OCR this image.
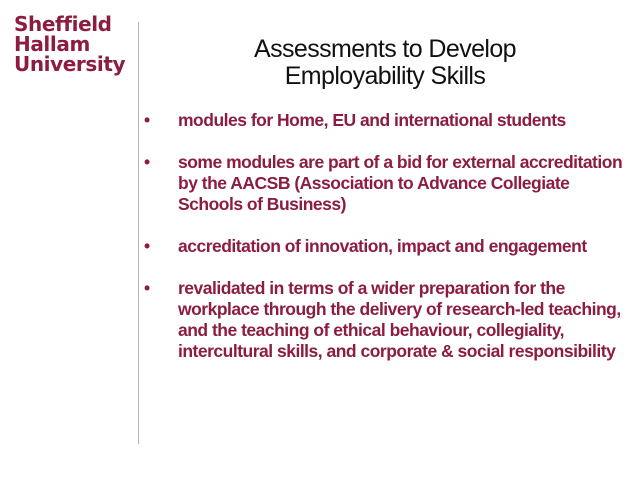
Sheffield
Hallam
University
Assessments to Develop
Employability Skills
•	modules for Home, EU and international students
•	some modules are part of a bid for external accreditation by the AACSB (Association to Advance Collegiate Schools of Business)
•	accreditation of innovation, impact and engagement
•	revalidated in terms of a wider preparation for the workplace through the delivery of research-led teaching, and the teaching of ethical behaviour, collegiality, intercultural skills, and corporate & social responsibility
